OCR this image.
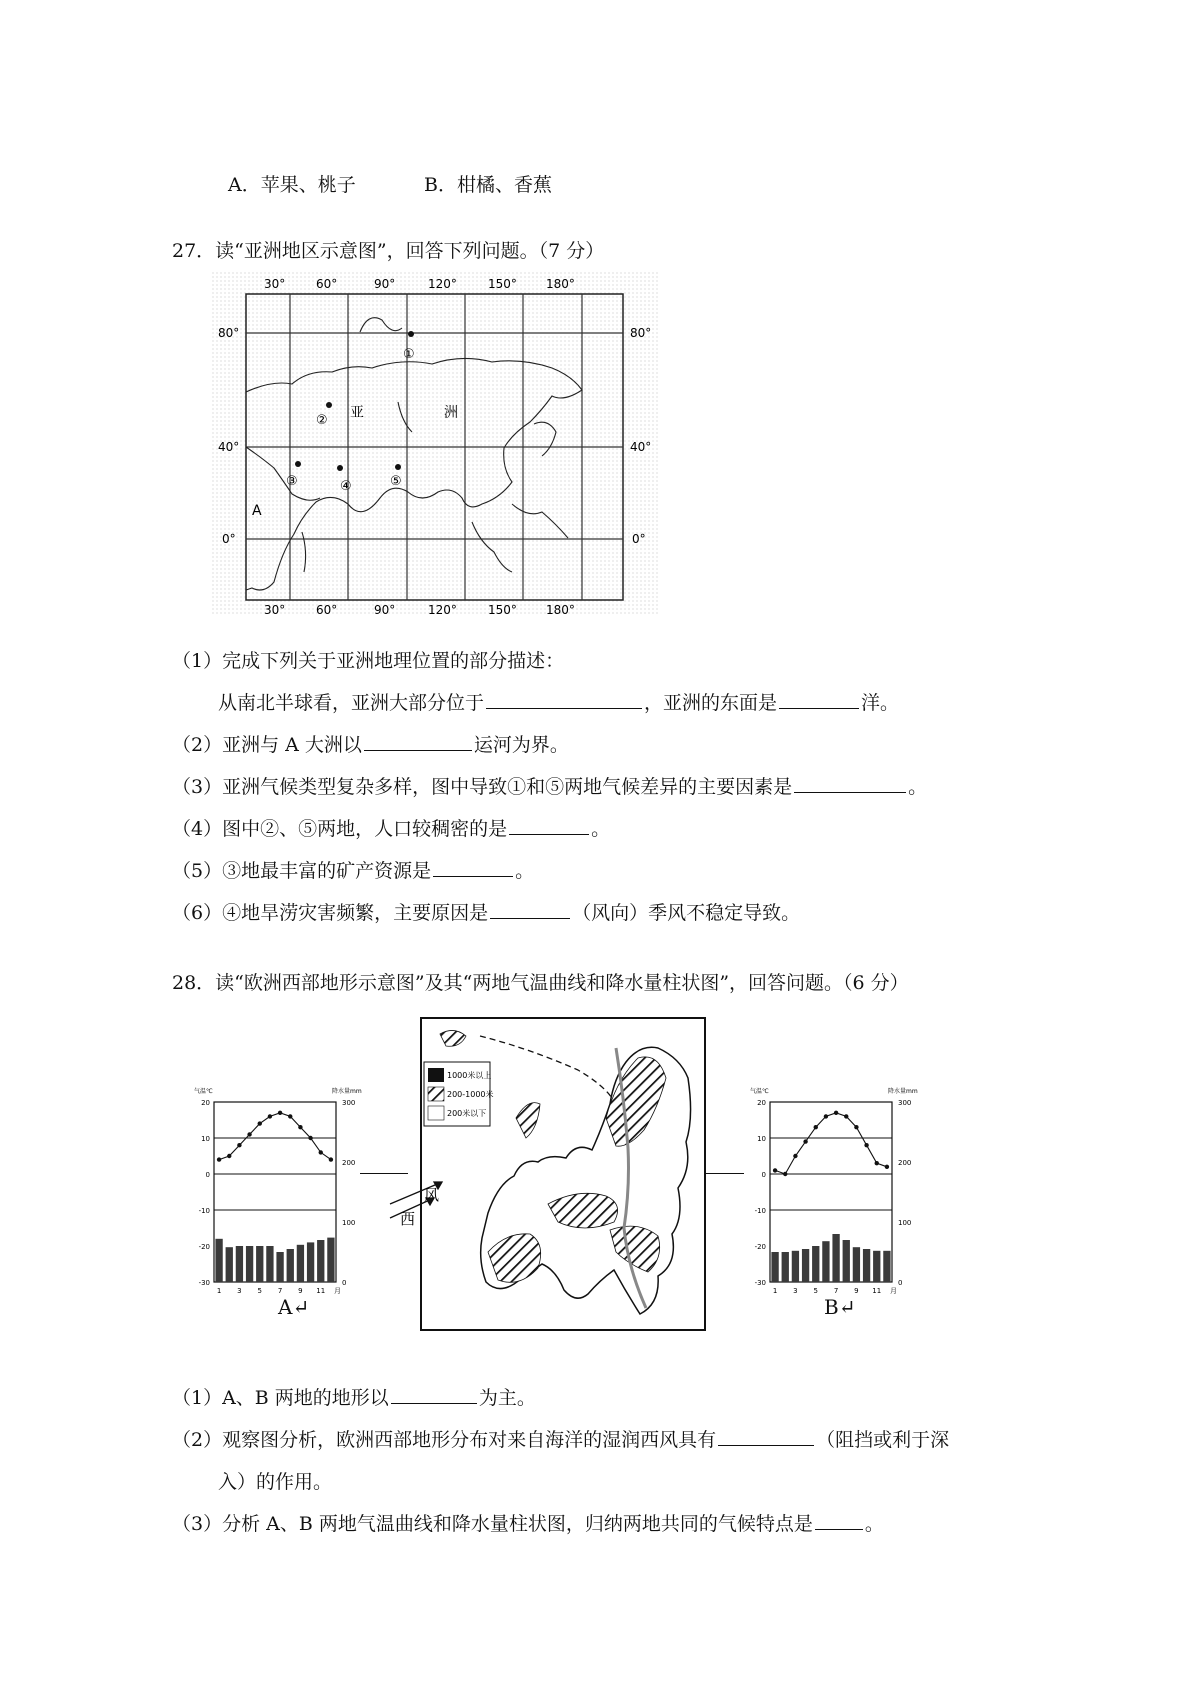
A．苹果、桃子	B．柑橘、香蕉
27．读“亚洲地区示意图”，回答下列问题。（7 分）
30°	60°	90°	120°	150° 180°
30°	60°	90°	120°	150° 180°
80°
40°
0°
80°
40°
0°
亚	洲
A
①
②
③	④	⑤
（1）完成下列关于亚洲地理位置的部分描述：
从南北半球看，亚洲大部分位于	，亚洲的东面是	洋。
（2）亚洲与 A 大洲以	运河为界。
（3）亚洲气候类型复杂多样，图中导致①和⑤两地气候差异的主要因素是	。
（4）图中②、⑤两地，人口较稠密的是	。
（5）③地最丰富的矿产资源是	。
（6）④地旱涝灾害频繁，主要原因是	（风向）季风不稳定导致。
28．读“欧洲西部地形示意图”及其“两地气温曲线和降水量柱状图”，回答问题。（6 分）
1000米以上
200-1000米
200米以下
风
西
气温℃	降水量mm
20
10
0
-10
-20
-30
300
200
100
0
1 3 5 7 9 11 月
A↵
气温℃	降水量mm
20
10
0
-10
-20
-30
300
200
100
0
1 3 5 7 9 11 月
B↵
（1）A、B 两地的地形以	为主。
（2）观察图分析，欧洲西部地形分布对来自海洋的湿润西风具有	（阻挡或利于深
入）的作用。
（3）分析 A、B 两地气温曲线和降水量柱状图，归纳两地共同的气候特点是	。
